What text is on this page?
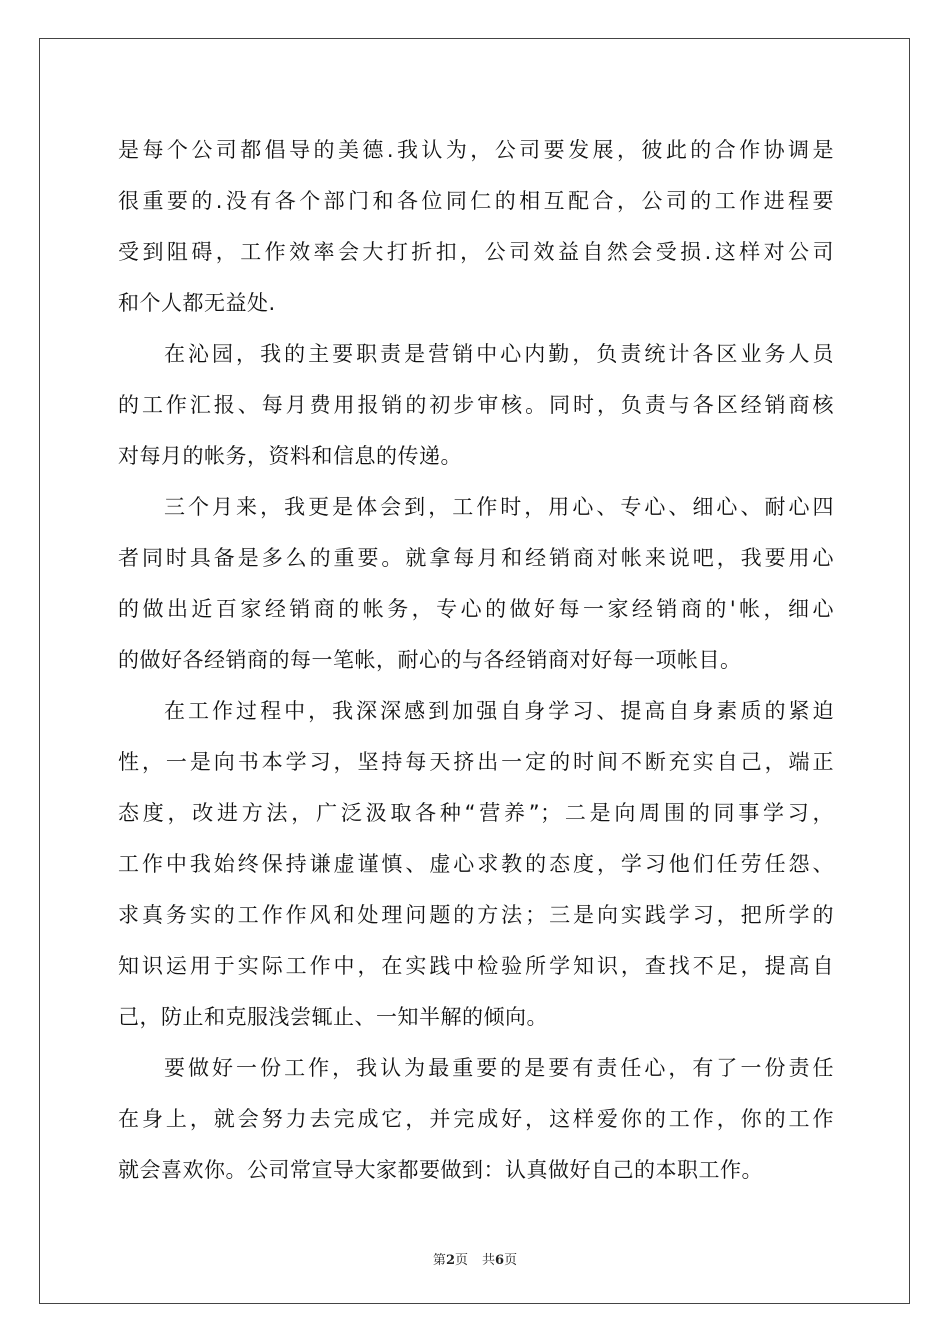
是每个公司都倡导的美德.我认为，公司要发展，彼此的合作协调是
很重要的.没有各个部门和各位同仁的相互配合，公司的工作进程要
受到阻碍，工作效率会大打折扣，公司效益自然会受损.这样对公司
和个人都无益处.
在沁园，我的主要职责是营销中心内勤，负责统计各区业务人员
的工作汇报、每月费用报销的初步审核。同时，负责与各区经销商核
对每月的帐务，资料和信息的传递。
三个月来，我更是体会到，工作时，用心、专心、细心、耐心四
者同时具备是多么的重要。就拿每月和经销商对帐来说吧，我要用心
的做出近百家经销商的帐务，专心的做好每一家经销商的'帐，细心
的做好各经销商的每一笔帐，耐心的与各经销商对好每一项帐目。
在工作过程中，我深深感到加强自身学习、提高自身素质的紧迫
性，一是向书本学习，坚持每天挤出一定的时间不断充实自己，端正
态度，改进方法，广泛汲取各种“营养”；二是向周围的同事学习，
工作中我始终保持谦虚谨慎、虚心求教的态度，学习他们任劳任怨、
求真务实的工作作风和处理问题的方法；三是向实践学习，把所学的
知识运用于实际工作中，在实践中检验所学知识，查找不足，提高自
己，防止和克服浅尝辄止、一知半解的倾向。
要做好一份工作，我认为最重要的是要有责任心，有了一份责任
在身上，就会努力去完成它，并完成好，这样爱你的工作，你的工作
就会喜欢你。公司常宣导大家都要做到：认真做好自己的本职工作。
第2页 共6页
